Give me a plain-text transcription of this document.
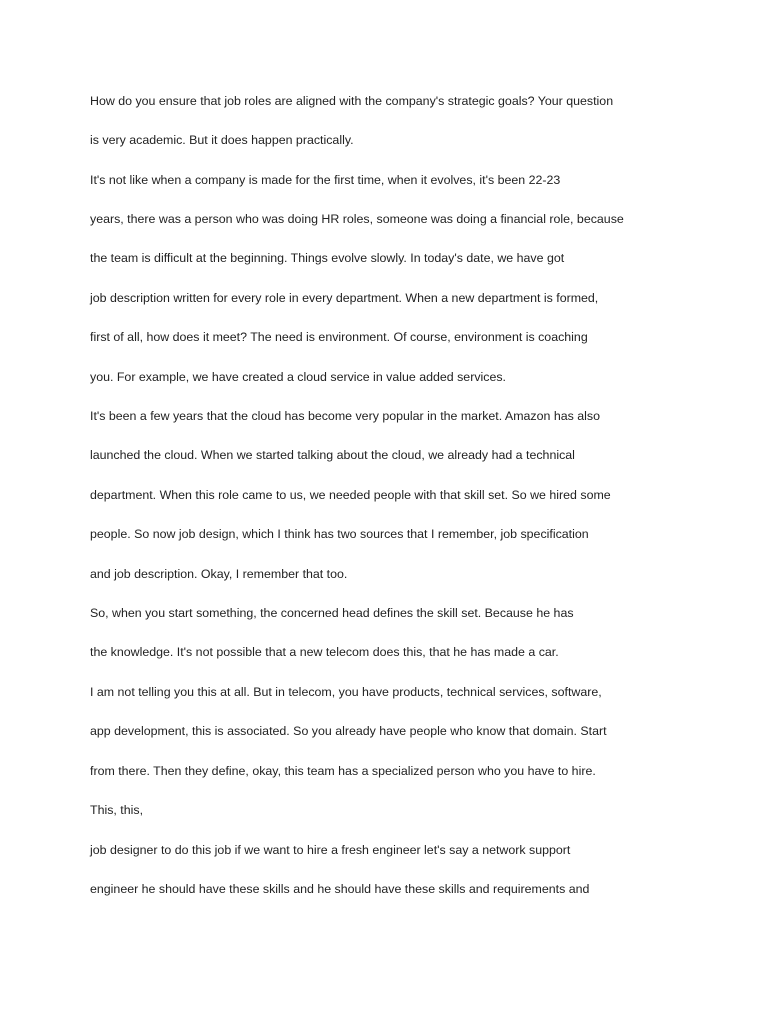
How do you ensure that job roles are aligned with the company's strategic goals? Your question
is very academic. But it does happen practically.
It's not like when a company is made for the first time, when it evolves, it's been 22-23
years, there was a person who was doing HR roles, someone was doing a financial role, because
the team is difficult at the beginning. Things evolve slowly. In today's date, we have got
job description written for every role in every department. When a new department is formed,
first of all, how does it meet? The need is environment. Of course, environment is coaching
you. For example, we have created a cloud service in value added services.
It's been a few years that the cloud has become very popular in the market. Amazon has also
launched the cloud. When we started talking about the cloud, we already had a technical
department. When this role came to us, we needed people with that skill set. So we hired some
people. So now job design, which I think has two sources that I remember, job specification
and job description. Okay, I remember that too.
So, when you start something, the concerned head defines the skill set. Because he has
the knowledge. It's not possible that a new telecom does this, that he has made a car.
I am not telling you this at all. But in telecom, you have products, technical services, software,
app development, this is associated. So you already have people who know that domain. Start
from there. Then they define, okay, this team has a specialized person who you have to hire.
This, this,
job designer to do this job if we want to hire a fresh engineer let's say a network support
engineer he should have these skills and he should have these skills and requirements and
